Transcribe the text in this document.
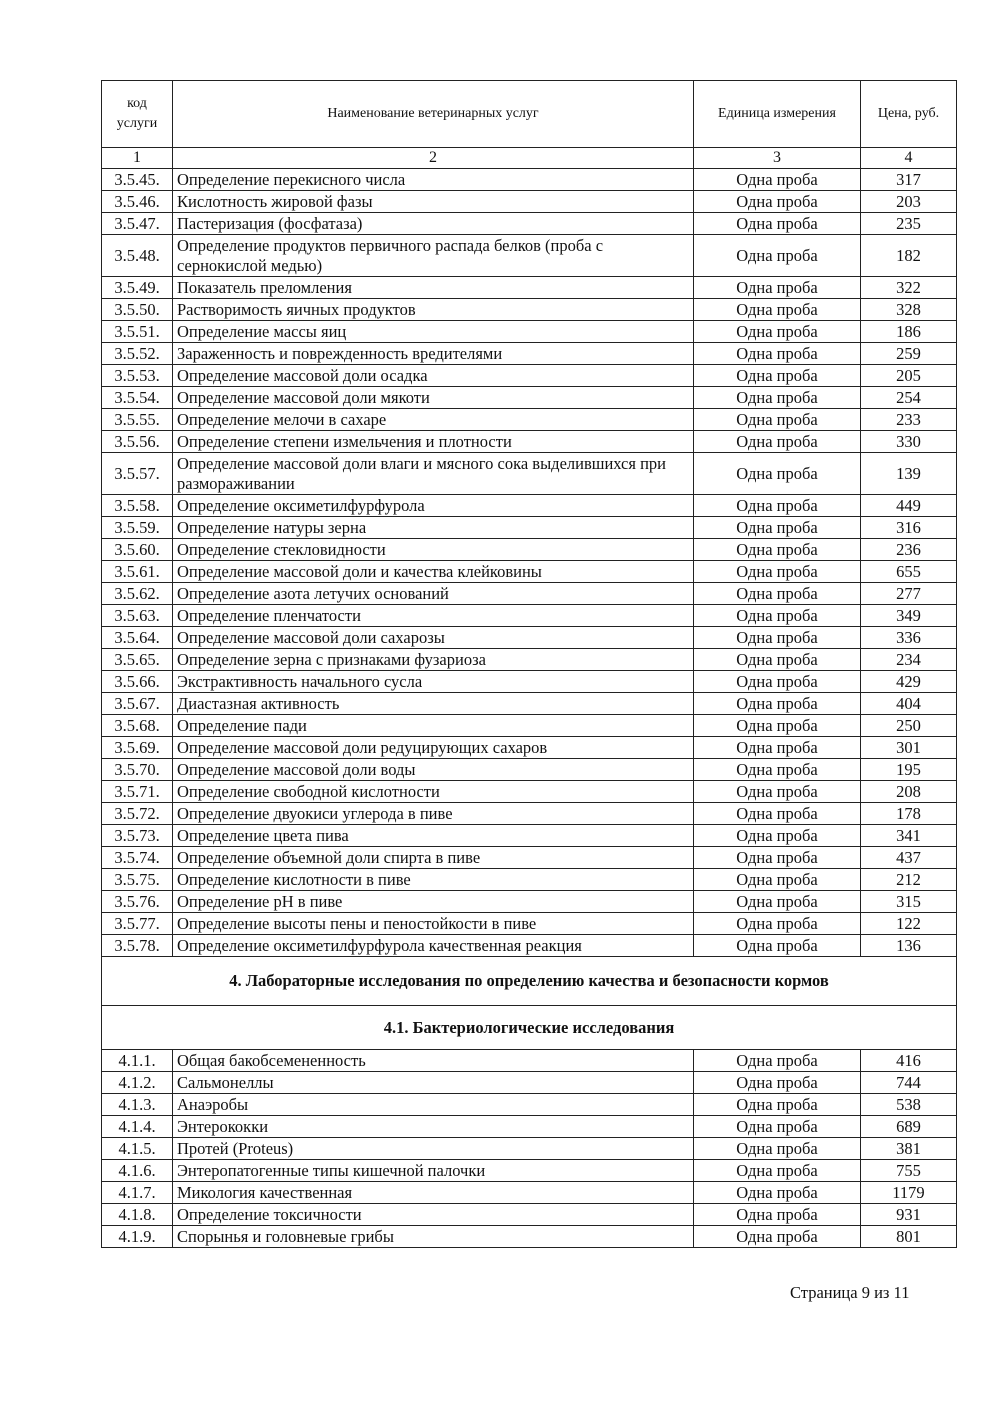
код услуги	Наименование ветеринарных услуг	Единица измерения	Цена, руб.
1	2	3	4
3.5.45.	Определение перекисного числа	Одна проба	317
3.5.46.	Кислотность жировой фазы	Одна проба	203
3.5.47.	Пастеризация (фосфатаза)	Одна проба	235
3.5.48.	Определение продуктов первичного распада белков (проба с сернокислой медью)	Одна проба	182
3.5.49.	Показатель преломления	Одна проба	322
3.5.50.	Растворимость яичных продуктов	Одна проба	328
3.5.51.	Определение массы яиц	Одна проба	186
3.5.52.	Зараженность и поврежденность вредителями	Одна проба	259
3.5.53.	Определение массовой доли осадка	Одна проба	205
3.5.54.	Определение массовой доли мякоти	Одна проба	254
3.5.55.	Определение мелочи в сахаре	Одна проба	233
3.5.56.	Определение степени измельчения и плотности	Одна проба	330
3.5.57.	Определение массовой доли влаги и мясного сока выделившихся при размораживании	Одна проба	139
3.5.58.	Определение оксиметилфурфурола	Одна проба	449
3.5.59.	Определение натуры зерна	Одна проба	316
3.5.60.	Определение стекловидности	Одна проба	236
3.5.61.	Определение массовой доли и качества клейковины	Одна проба	655
3.5.62.	Определение азота летучих оснований	Одна проба	277
3.5.63.	Определение пленчатости	Одна проба	349
3.5.64.	Определение массовой доли сахарозы	Одна проба	336
3.5.65.	Определение зерна с признаками фузариоза	Одна проба	234
3.5.66.	Экстрактивность начального сусла	Одна проба	429
3.5.67.	Диастазная активность	Одна проба	404
3.5.68.	Определение пади	Одна проба	250
3.5.69.	Определение массовой доли редуцирующих сахаров	Одна проба	301
3.5.70.	Определение массовой доли воды	Одна проба	195
3.5.71.	Определение свободной кислотности	Одна проба	208
3.5.72.	Определение двуокиси углерода в пиве	Одна проба	178
3.5.73.	Определение цвета пива	Одна проба	341
3.5.74.	Определение объемной доли спирта в пиве	Одна проба	437
3.5.75.	Определение кислотности в пиве	Одна проба	212
3.5.76.	Определение pH в пиве	Одна проба	315
3.5.77.	Определение высоты пены и пеностойкости в пиве	Одна проба	122
3.5.78.	Определение оксиметилфурфурола качественная реакция	Одна проба	136
4. Лабораторные исследования по определению качества и безопасности кормов			
4.1. Бактериологические исследования			
4.1.1.	Общая бакобсемененность	Одна проба	416
4.1.2.	Сальмонеллы	Одна проба	744
4.1.3.	Анаэробы	Одна проба	538
4.1.4.	Энтерококки	Одна проба	689
4.1.5.	Протей (Proteus)	Одна проба	381
4.1.6.	Энтеропатогенные типы кишечной палочки	Одна проба	755
4.1.7.	Микология качественная	Одна проба	1179
4.1.8.	Определение токсичности	Одна проба	931
4.1.9.	Спорынья и головневые грибы	Одна проба	801
Страница 9 из 11
